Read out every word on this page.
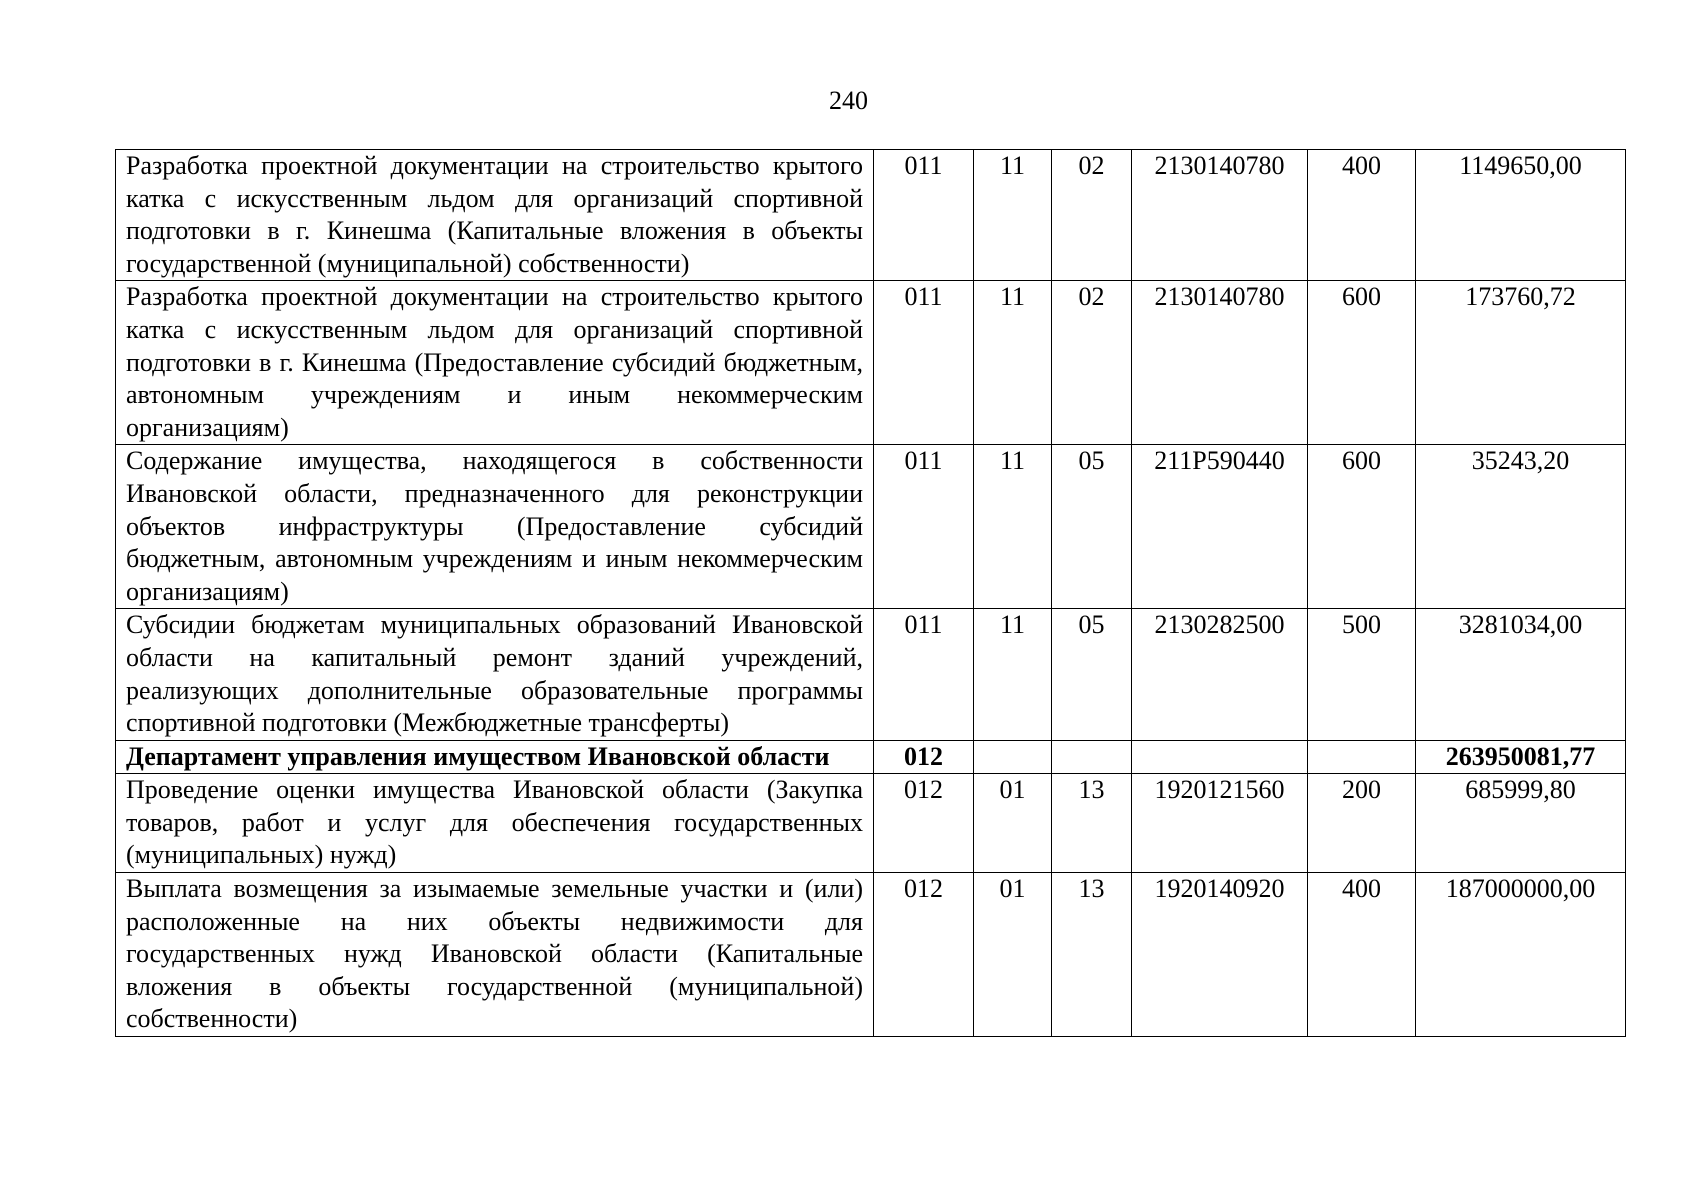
240
Разработка проектной документации на строительство крытого катка с искусственным льдом для организаций спортивной подготовки в г. Кинешма (Капитальные вложения в объекты государственной (муниципальной) собственности)	011	11	02	2130140780	400	1149650,00
Разработка проектной документации на строительство крытого катка с искусственным льдом для организаций спортивной подготовки в г. Кинешма (Предоставление субсидий бюджетным, автономным учреждениям и иным некоммерческим организациям)	011	11	02	2130140780	600	173760,72
Содержание имущества, находящегося в собственности Ивановской области, предназначенного для реконструкции объектов инфраструктуры (Предоставление субсидий бюджетным, автономным учреждениям и иным некоммерческим организациям)	011	11	05	211Р590440	600	35243,20
Субсидии бюджетам муниципальных образований Ивановской области на капитальный ремонт зданий учреждений, реализующих дополнительные образовательные программы спортивной подготовки (Межбюджетные трансферты)	011	11	05	2130282500	500	3281034,00
Департамент управления имуществом Ивановской области	012					263950081,77
Проведение оценки имущества Ивановской области (Закупка товаров, работ и услуг для обеспечения государственных (муниципальных) нужд)	012	01	13	1920121560	200	685999,80
Выплата возмещения за изымаемые земельные участки и (или) расположенные на них объекты недвижимости для государственных нужд Ивановской области (Капитальные вложения в объекты государственной (муниципальной) собственности)	012	01	13	1920140920	400	187000000,00
